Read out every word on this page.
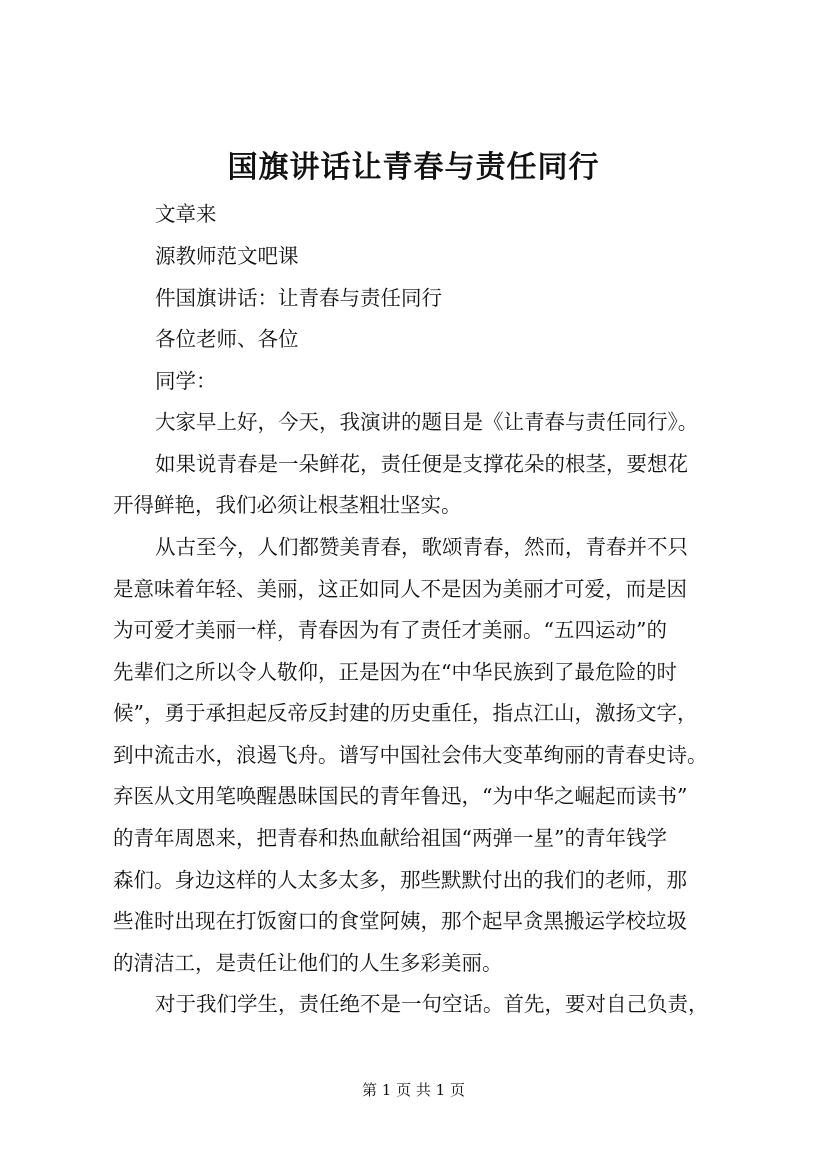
国旗讲话让青春与责任同行
文章来
源教师范文吧课
件国旗讲话：让青春与责任同行
各位老师、各位
同学：
大家早上好，今天，我演讲的题目是《让青春与责任同行》。
如果说青春是一朵鲜花，责任便是支撑花朵的根茎，要想花
开得鲜艳，我们必须让根茎粗壮坚实。
从古至今，人们都赞美青春，歌颂青春，然而，青春并不只
是意味着年轻、美丽，这正如同人不是因为美丽才可爱，而是因
为可爱才美丽一样，青春因为有了责任才美丽。“五四运动”的
先辈们之所以令人敬仰，正是因为在“中华民族到了最危险的时
候”，勇于承担起反帝反封建的历史重任，指点江山，激扬文字，
到中流击水，浪遏飞舟。谱写中国社会伟大变革绚丽的青春史诗。
弃医从文用笔唤醒愚昧国民的青年鲁迅，“为中华之崛起而读书”
的青年周恩来，把青春和热血献给祖国“两弹一星”的青年钱学
森们。身边这样的人太多太多，那些默默付出的我们的老师，那
些准时出现在打饭窗口的食堂阿姨，那个起早贪黑搬运学校垃圾
的清洁工，是责任让他们的人生多彩美丽。
对于我们学生，责任绝不是一句空话。首先，要对自己负责，
第 1 页 共 1 页
